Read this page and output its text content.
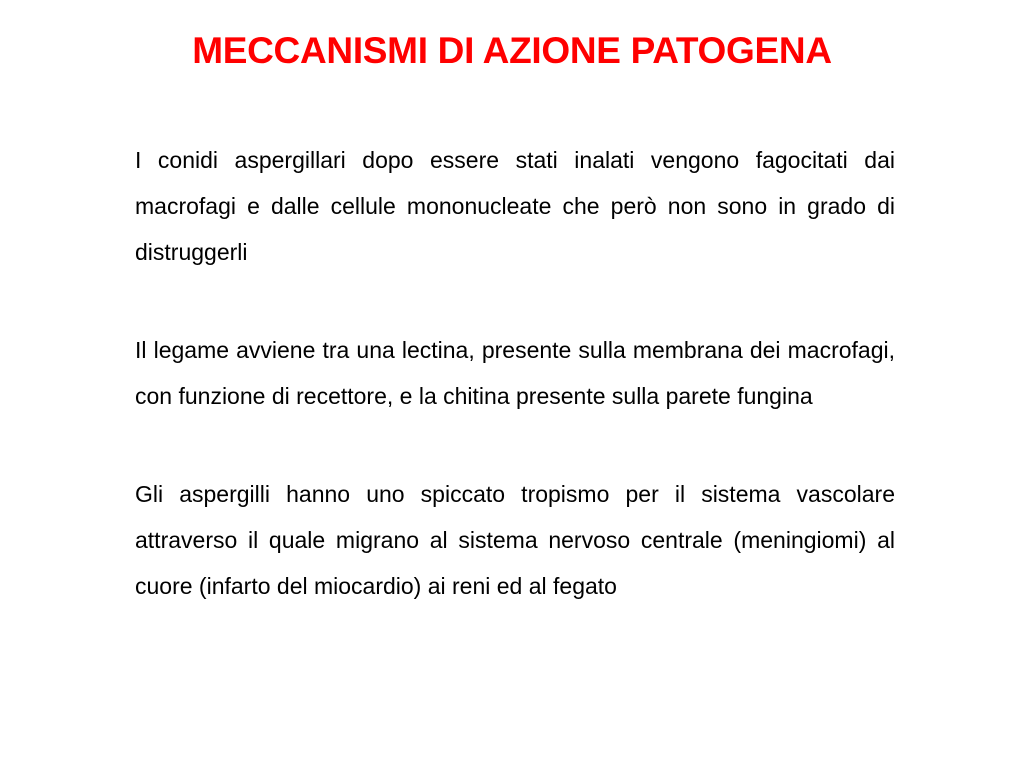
MECCANISMI DI AZIONE PATOGENA

I conidi aspergillari dopo essere stati inalati vengono fagocitati dai macrofagi e dalle cellule mononucleate che però non sono in grado di distruggerli

Il legame avviene tra una lectina, presente sulla membrana dei macrofagi, con funzione di recettore, e la chitina presente sulla parete fungina

Gli aspergilli hanno uno spiccato tropismo per il sistema vascolare attraverso il quale migrano al sistema nervoso centrale (meningiomi) al cuore (infarto del miocardio) ai reni ed al fegato
